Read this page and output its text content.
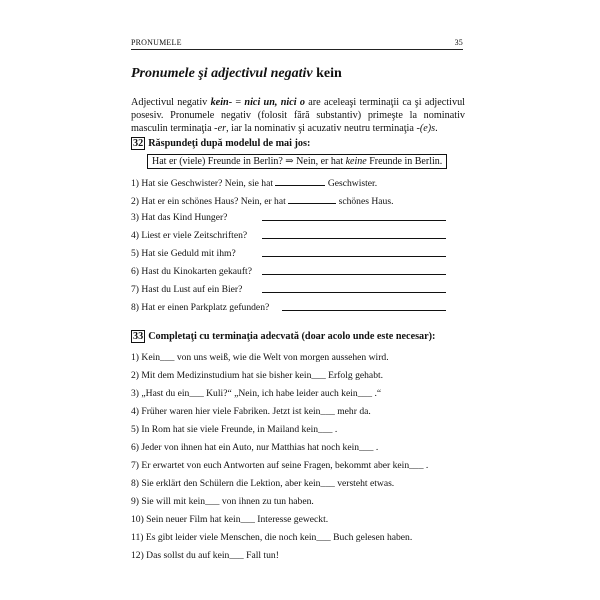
PRONUMELE	35
Pronumele şi adjectivul negativ kein
Adjectivul negativ kein- = nici un, nici o are aceleaşi terminaţii ca şi adjectivul posesiv. Pronumele negativ (folosit fără substantiv) primeşte la nominativ masculin terminaţia -er, iar la nominativ şi acuzativ neutru terminaţia -(e)s.
32 Răspundeţi după modelul de mai jos:
Hat er (viele) Freunde in Berlin? ⇒ Nein, er hat keine Freunde in Berlin.
1) Hat sie Geschwister? Nein, sie hat	Geschwister.
2) Hat er ein schönes Haus? Nein, er hat	schönes Haus.
3) Hat das Kind Hunger?
4) Liest er viele Zeitschriften?
5) Hat sie Geduld mit ihm?
6) Hast du Kinokarten gekauft?
7) Hast du Lust auf ein Bier?
8) Hat er einen Parkplatz gefunden?
33 Completaţi cu terminaţia adecvată (doar acolo unde este necesar):
1) Kein___ von uns weiß, wie die Welt von morgen aussehen wird.
2) Mit dem Medizinstudium hat sie bisher kein___ Erfolg gehabt.
3) „Hast du ein___ Kuli?“ „Nein, ich habe leider auch kein___ .“
4) Früher waren hier viele Fabriken. Jetzt ist kein___ mehr da.
5) In Rom hat sie viele Freunde, in Mailand kein___ .
6) Jeder von ihnen hat ein Auto, nur Matthias hat noch kein___ .
7) Er erwartet von euch Antworten auf seine Fragen, bekommt aber kein___ .
8) Sie erklärt den Schülern die Lektion, aber kein___ versteht etwas.
9) Sie will mit kein___ von ihnen zu tun haben.
10) Sein neuer Film hat kein___ Interesse geweckt.
11) Es gibt leider viele Menschen, die noch kein___ Buch gelesen haben.
12) Das sollst du auf kein___ Fall tun!
